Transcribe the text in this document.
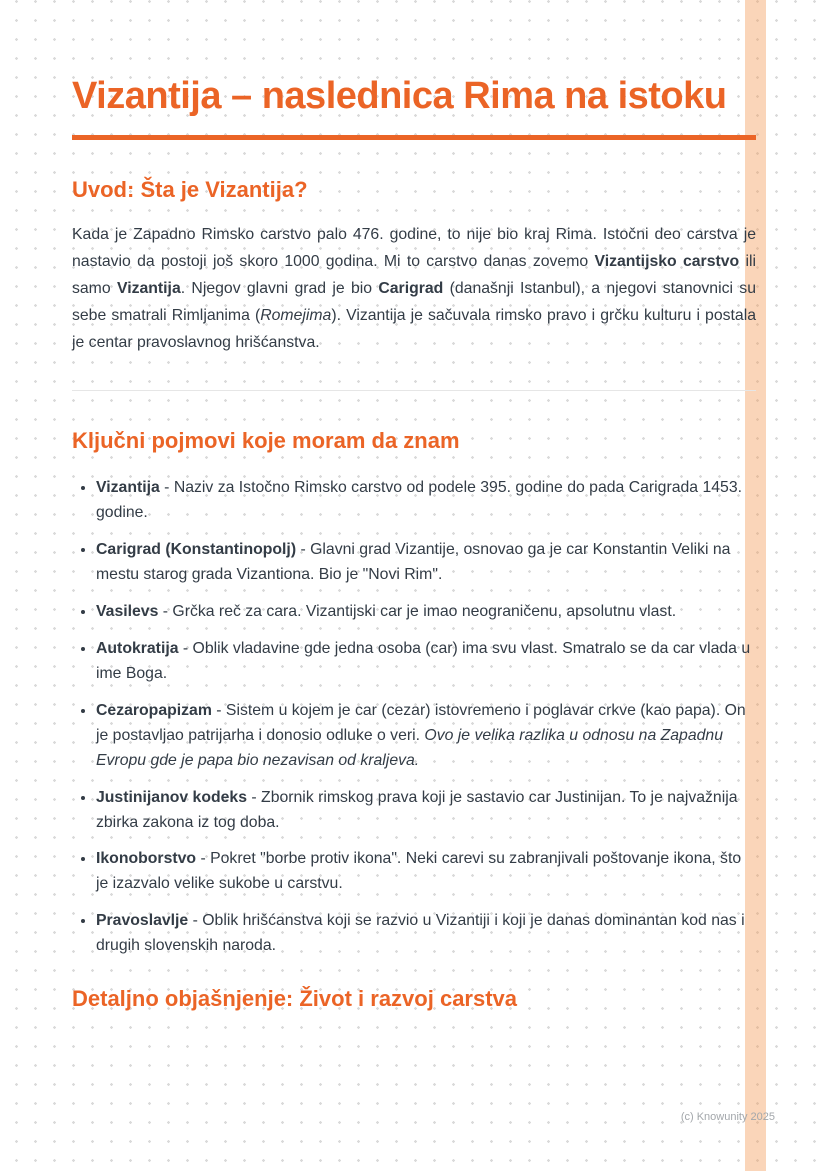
Vizantija – naslednica Rima na istoku
Uvod: Šta je Vizantija?

Kada je Zapadno Rimsko carstvo palo 476. godine, to nije bio kraj Rima. Istočni deo carstva je nastavio da postoji još skoro 1000 godina. Mi to carstvo danas zovemo Vizantijsko carstvo ili samo Vizantija. Njegov glavni grad je bio Carigrad (današnji Istanbul), a njegovi stanovnici su sebe smatrali Rimljanima (Romejima). Vizantija je sačuvala rimsko pravo i grčku kulturu i postala je centar pravoslavnog hrišćanstva.

Ključni pojmovi koje moram da znam
• Vizantija - Naziv za Istočno Rimsko carstvo od podele 395. godine do pada Carigrada 1453. godine.
• Carigrad (Konstantinopolj) - Glavni grad Vizantije, osnovao ga je car Konstantin Veliki na mestu starog grada Vizantiona. Bio je "Novi Rim".
• Vasilevs - Grčka reč za cara. Vizantijski car je imao neograničenu, apsolutnu vlast.
• Autokratija - Oblik vladavine gde jedna osoba (car) ima svu vlast. Smatralo se da car vlada u ime Boga.
• Cezaropapizam - Sistem u kojem je car (cezar) istovremeno i poglavar crkve (kao papa). On je postavljao patrijarha i donosio odluke o veri. Ovo je velika razlika u odnosu na Zapadnu Evropu gde je papa bio nezavisan od kraljeva.
• Justinijanov kodeks - Zbornik rimskog prava koji je sastavio car Justinijan. To je najvažnija zbirka zakona iz tog doba.
• Ikonoborstvo - Pokret "borbe protiv ikona". Neki carevi su zabranjivali poštovanje ikona, što je izazvalo velike sukobe u carstvu.
• Pravoslavlje - Oblik hrišćanstva koji se razvio u Vizantiji i koji je danas dominantan kod nas i drugih slovenskih naroda.
Detaljno objašnjenje: Život i razvoj carstva
(c) Knowunity 2025
